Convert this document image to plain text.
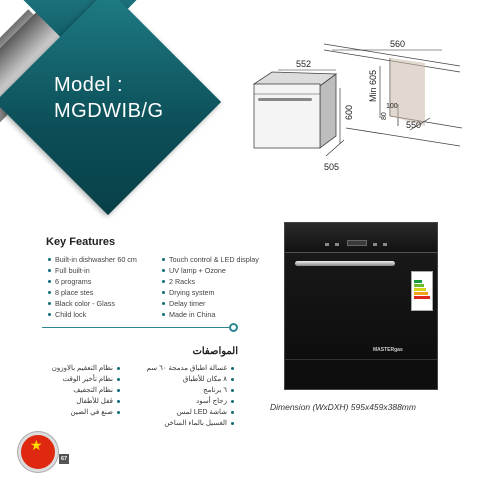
Model :
MGDWIB/G
560
552
Min 605
600	100
80
550
505
Key Features
Built-in dishwasher 60 cm
Full built-in
6 programs
8 place stes
Black color - Glass
Child lock
Touch control & LED display
UV lamp + Ozone
2 Racks
Drying system
Delay timer
Made in China
المواصفات
غسالة اطباق مدمجة ٦٠ سم
٨ مكان للأطباق
٦ برنامج
زجاج أسود
شاشة LED لمس
الغسيل بالماء الساخن
نظام التعقيم بالاوزون
نظام تأخير الوقت
نظام التجفيف
قفل للأطفال
صنع في الصين
MASTERgas
Dimension (WxDXH) 595x459x388mm
★
67
